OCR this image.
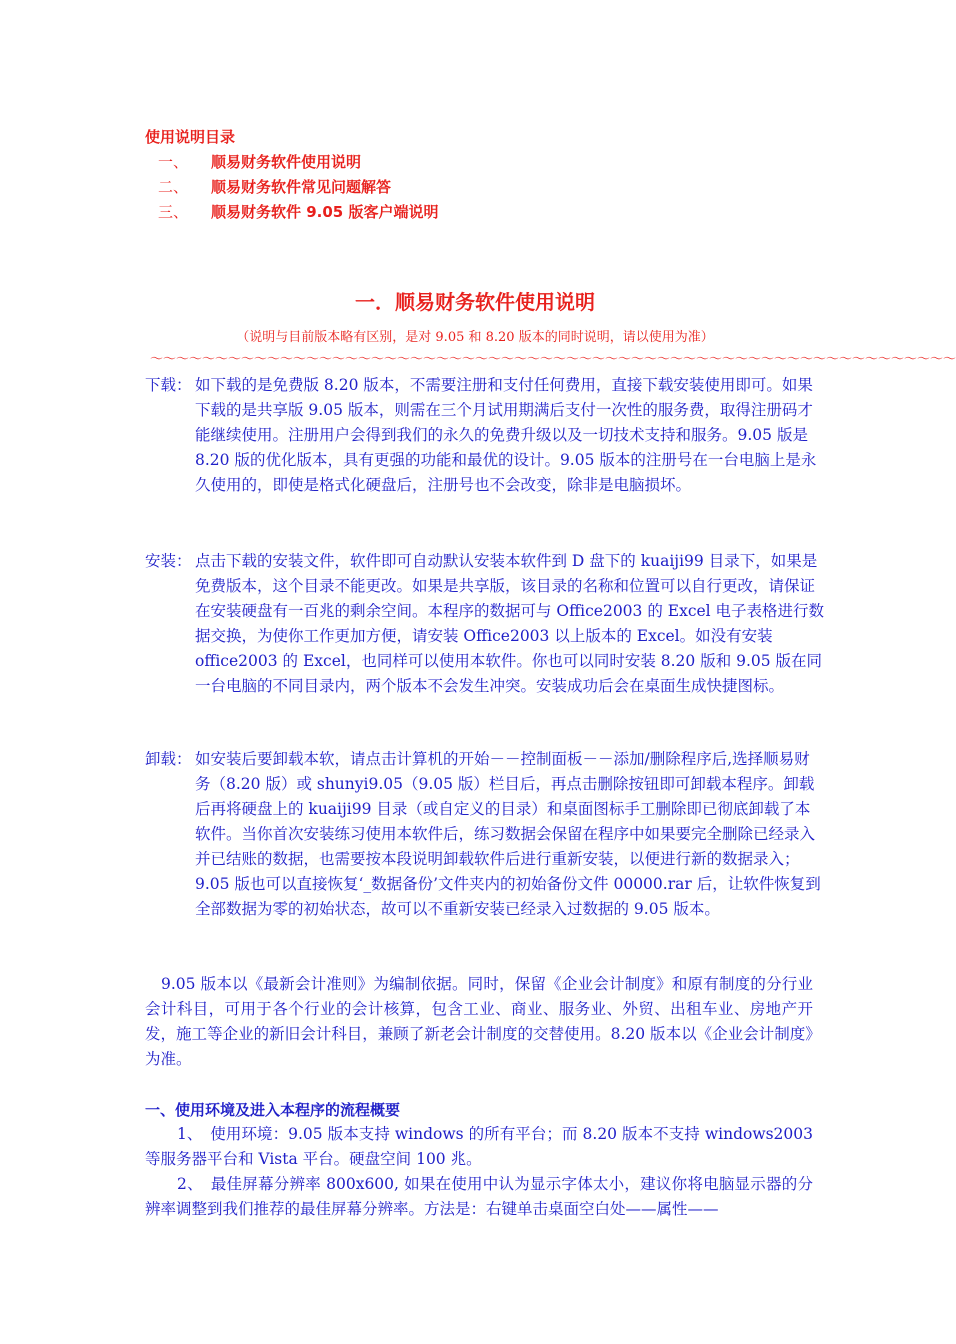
使用说明目录
一、 顺易财务软件使用说明
二、 顺易财务软件常见问题解答
三、 顺易财务软件 9.05 版客户端说明
一．顺易财务软件使用说明
（说明与目前版本略有区别，是对 9.05 和 8.20 版本的同时说明，请以使用为准）
～～～～～～～～～～～～～～～～～～～～～～～～～～～～～～～～～～～～～～～～～～～～～～～～～～～～～～～～～～～～～～
下载： 如下载的是免费版 8.20 版本，不需要注册和支付任何费用，直接下载安装使用即可。如果下载的是共享版 9.05 版本，则需在三个月试用期满后支付一次性的服务费，取得注册码才能继续使用。注册用户会得到我们的永久的免费升级以及一切技术支持和服务。9.05 版是 8.20 版的优化版本，具有更强的功能和最优的设计。9.05 版本的注册号在一台电脑上是永久使用的，即使是格式化硬盘后，注册号也不会改变，除非是电脑损坏。
安装： 点击下载的安装文件，软件即可自动默认安装本软件到 D 盘下的 kuaiji99 目录下，如果是免费版本，这个目录不能更改。如果是共享版，该目录的名称和位置可以自行更改，请保证在安装硬盘有一百兆的剩余空间。本程序的数据可与 Office2003 的 Excel 电子表格进行数据交换，为使你工作更加方便，请安装 Office2003 以上版本的 Excel。如没有安装 office2003 的 Excel，也同样可以使用本软件。你也可以同时安装 8.20 版和 9.05 版在同一台电脑的不同目录内，两个版本不会发生冲突。安装成功后会在桌面生成快捷图标。
卸载： 如安装后要卸载本软，请点击计算机的开始－－控制面板－－添加/删除程序后,选择顺易财务（8.20 版）或 shunyi9.05（9.05 版）栏目后，再点击删除按钮即可卸载本程序。卸载后再将硬盘上的 kuaiji99 目录（或自定义的目录）和桌面图标手工删除即已彻底卸载了本软件。当你首次安装练习使用本软件后，练习数据会保留在程序中如果要完全删除已经录入并已结账的数据，也需要按本段说明卸载软件后进行重新安装，以便进行新的数据录入；9.05 版也可以直接恢复‘_数据备份’文件夹内的初始备份文件 00000.rar 后，让软件恢复到全部数据为零的初始状态，故可以不重新安装已经录入过数据的 9.05 版本。
9.05 版本以《最新会计准则》为编制依据。同时，保留《企业会计制度》和原有制度的分行业会计科目，可用于各个行业的会计核算，包含工业、商业、服务业、外贸、出租车业、房地产开发，施工等企业的新旧会计科目，兼顾了新老会计制度的交替使用。8.20 版本以《企业会计制度》为准。
一、使用环境及进入本程序的流程概要
1、　使用环境：9.05 版本支持 windows 的所有平台；而 8.20 版本不支持 windows2003 等服务器平台和 Vista 平台。硬盘空间 100 兆。
2、　最佳屏幕分辨率 800x600, 如果在使用中认为显示字体太小，建议你将电脑显示器的分辨率调整到我们推荐的最佳屏幕分辨率。方法是：右键单击桌面空白处——属性——
